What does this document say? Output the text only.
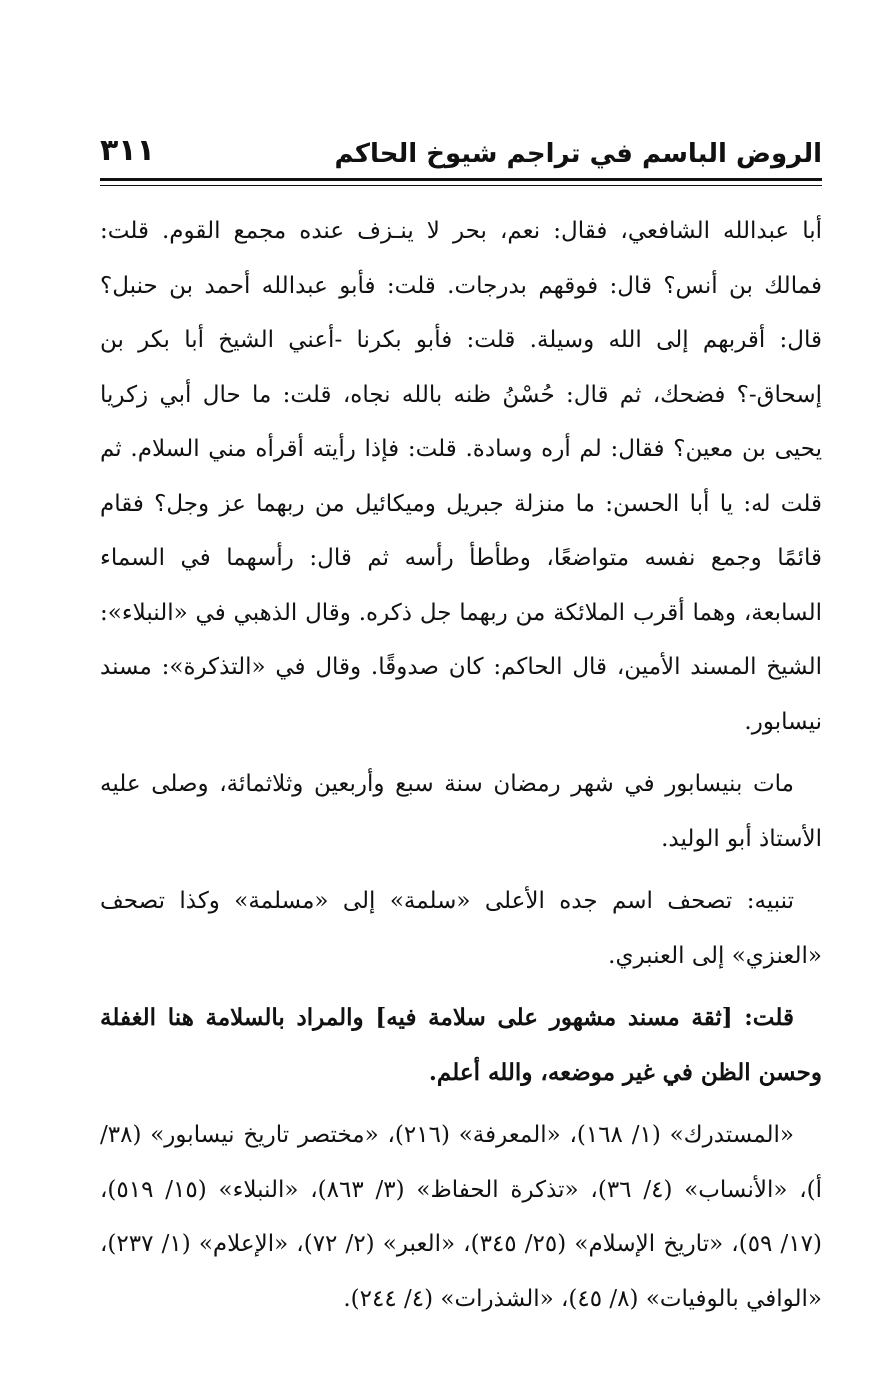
الروض الباسم في تراجم شيوخ الحاكم
٣١١

أبا عبدالله الشافعي، فقال: نعم، بحر لا ينـزف عنده مجمع القوم. قلت: فمالك بن أنس؟ قال: فوقهم بدرجات. قلت: فأبو عبدالله أحمد بن حنبل؟ قال: أقربهم إلى الله وسيلة. قلت: فأبو بكرنا -أعني الشيخ أبا بكر بن إسحاق-؟ فضحك، ثم قال: حُسْنُ ظنه بالله نجاه، قلت: ما حال أبي زكريا يحيى بن معين؟ فقال: لم أره وسادة. قلت: فإذا رأيته أقرأه مني السلام. ثم قلت له: يا أبا الحسن: ما منزلة جبريل وميكائيل من ربهما عز وجل؟ فقام قائمًا وجمع نفسه متواضعًا، وطأطأ رأسه ثم قال: رأسهما في السماء السابعة، وهما أقرب الملائكة من ربهما جل ذكره. وقال الذهبي في «النبلاء»: الشيخ المسند الأمين، قال الحاكم: كان صدوقًا. وقال في «التذكرة»: مسند نيسابور.

مات بنيسابور في شهر رمضان سنة سبع وأربعين وثلاثمائة، وصلى عليه الأستاذ أبو الوليد.

تنبيه: تصحف اسم جده الأعلى «سلمة» إلى «مسلمة» وكذا تصحف «العنزي» إلى العنبري.

قلت: [ثقة مسند مشهور على سلامة فيه] والمراد بالسلامة هنا الغفلة وحسن الظن في غير موضعه، والله أعلم.

«المستدرك» (١/ ١٦٨)، «المعرفة» (٢١٦)، «مختصر تاريخ نيسابور» (٣٨/ أ)، «الأنساب» (٤/ ٣٦)، «تذكرة الحفاظ» (٣/ ٨٦٣)، «النبلاء» (١٥/ ٥١٩)، (١٧/ ٥٩)، «تاريخ الإسلام» (٢٥/ ٣٤٥)، «العبر» (٢/ ٧٢)، «الإعلام» (١/ ٢٣٧)، «الوافي بالوفيات» (٨/ ٤٥)، «الشذرات» (٤/ ٢٤٤).
